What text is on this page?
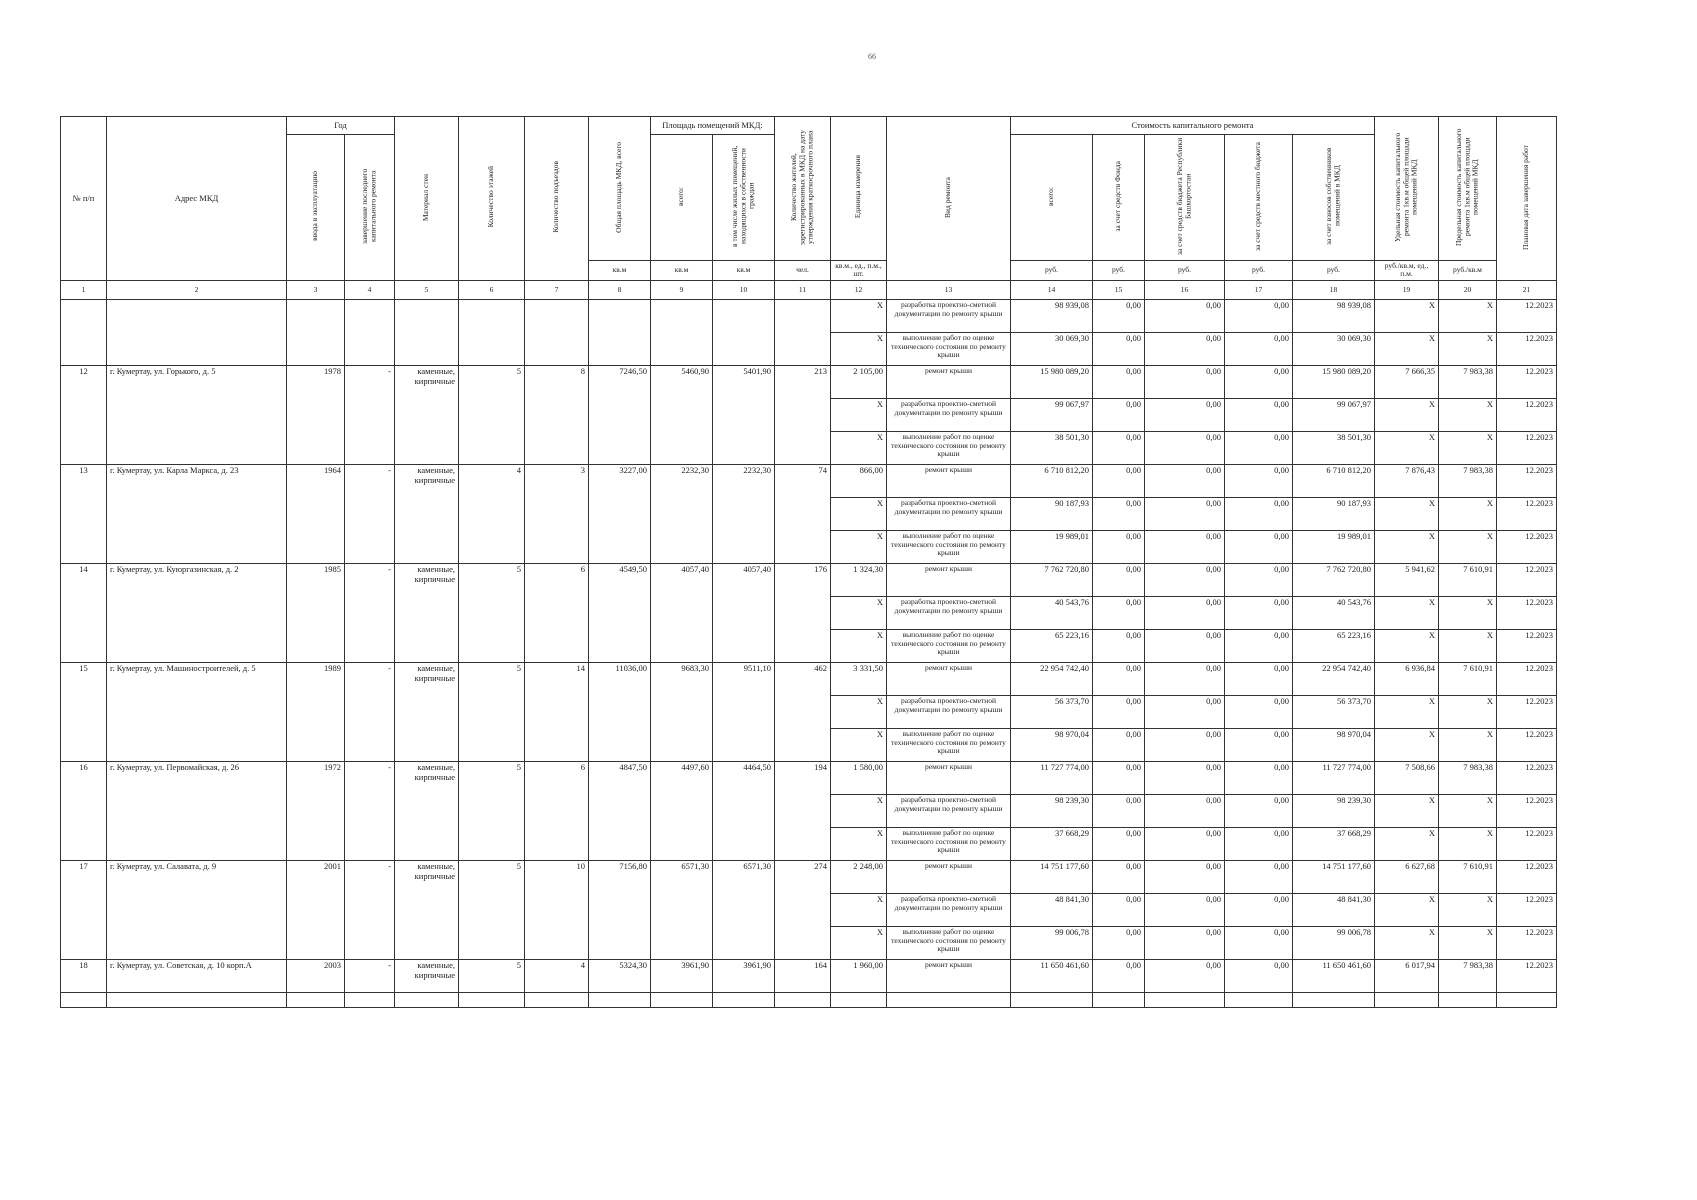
66
№ п/п	Адрес МКД	Год		Материал стен	Количество этажей	Количество подъездов	Общая площадь МКД, всего	Площадь помещений МКД:		Количество жителей, зарегистрированных в МКД на дату утверждения краткосрочного плана	Единица измерения	Вид ремонта	Стоимость капитального ремонта					Удельная стоимость капитального ремонта 1кв.м общей площади помещений МКД	Предельная стоимость капитального ремонта 1кв.м общей площади помещений МКД	Плановая дата завершения работ
		ввода в эксплуатацию	завершение последнего капитального ремонта					всего:	в том числе жилых помещений, находящихся в собственности граждан				всего:	за счет средств Фонда	за счет средств бюджета Республики Башкортостан	за счет средств местного бюджета	за счет взносов собственников помещений в МКД			
							кв.м	кв.м	кв.м	чел.	кв.м., ед., п.м., шт.		руб.	руб.	руб.	руб.	руб.	руб./кв.м, ед., п.м.	руб./кв.м	
1	2	3	4	5	6	7	8	9	10	11	12	13	14	15	16	17	18	19	20	21
											X	разработка проектно-сметной документации по ремонту крыши	98 939,08	0,00	0,00	0,00	98 939,08	X	X	12.2023
											X	выполнение работ по оценке технического состояния по ремонту крыши	30 069,30	0,00	0,00	0,00	30 069,30	X	X	12.2023
12	г. Кумертау, ул. Горького, д. 5	1978	-	каменные, кирпичные	5	8	7246,50	5460,90	5401,90	213	2 105,00	ремонт крыши	15 980 089,20	0,00	0,00	0,00	15 980 089,20	7 666,35	7 983,38	12.2023
											X	разработка проектно-сметной документации по ремонту крыши	99 067,97	0,00	0,00	0,00	99 067,97	X	X	12.2023
											X	выполнение работ по оценке технического состояния по ремонту крыши	38 501,30	0,00	0,00	0,00	38 501,30	X	X	12.2023
13	г. Кумертау, ул. Карла Маркса, д. 23	1964	-	каменные, кирпичные	4	3	3227,00	2232,30	2232,30	74	866,00	ремонт крыши	6 710 812,20	0,00	0,00	0,00	6 710 812,20	7 876,43	7 983,38	12.2023
											X	разработка проектно-сметной документации по ремонту крыши	90 187,93	0,00	0,00	0,00	90 187,93	X	X	12.2023
											X	выполнение работ по оценке технического состояния по ремонту крыши	19 989,01	0,00	0,00	0,00	19 989,01	X	X	12.2023
14	г. Кумертау, ул. Куюргазинская, д. 2	1985	-	каменные, кирпичные	5	6	4549,50	4057,40	4057,40	176	1 324,30	ремонт крыши	7 762 720,80	0,00	0,00	0,00	7 762 720,80	5 941,62	7 610,91	12.2023
											X	разработка проектно-сметной документации по ремонту крыши	40 543,76	0,00	0,00	0,00	40 543,76	X	X	12.2023
											X	выполнение работ по оценке технического состояния по ремонту крыши	65 223,16	0,00	0,00	0,00	65 223,16	X	X	12.2023
15	г. Кумертау, ул. Машиностроителей, д. 5	1989	-	каменные, кирпичные	5	14	11036,00	9683,30	9511,10	462	3 331,50	ремонт крыши	22 954 742,40	0,00	0,00	0,00	22 954 742,40	6 936,84	7 610,91	12.2023
											X	разработка проектно-сметной документации по ремонту крыши	56 373,70	0,00	0,00	0,00	56 373,70	X	X	12.2023
											X	выполнение работ по оценке технического состояния по ремонту крыши	98 970,04	0,00	0,00	0,00	98 970,04	X	X	12.2023
16	г. Кумертау, ул. Первомайская, д. 26	1972	-	каменные, кирпичные	5	6	4847,50	4497,60	4464,50	194	1 580,00	ремонт крыши	11 727 774,00	0,00	0,00	0,00	11 727 774,00	7 508,66	7 983,38	12.2023
											X	разработка проектно-сметной документации по ремонту крыши	98 239,30	0,00	0,00	0,00	98 239,30	X	X	12.2023
											X	выполнение работ по оценке технического состояния по ремонту крыши	37 668,29	0,00	0,00	0,00	37 668,29	X	X	12.2023
17	г. Кумертау, ул. Салавата, д. 9	2001	-	каменные, кирпичные	5	10	7156,80	6571,30	6571,30	274	2 248,00	ремонт крыши	14 751 177,60	0,00	0,00	0,00	14 751 177,60	6 627,68	7 610,91	12.2023
											X	разработка проектно-сметной документации по ремонту крыши	48 841,30	0,00	0,00	0,00	48 841,30	X	X	12.2023
											X	выполнение работ по оценке технического состояния по ремонту крыши	99 006,78	0,00	0,00	0,00	99 006,78	X	X	12.2023
18	г. Кумертау, ул. Советская, д. 10 корп.А	2003	-	каменные, кирпичные	5	4	5324,30	3961,90	3961,90	164	1 960,00	ремонт крыши	11 650 461,60	0,00	0,00	0,00	11 650 461,60	6 017,94	7 983,38	12.2023
